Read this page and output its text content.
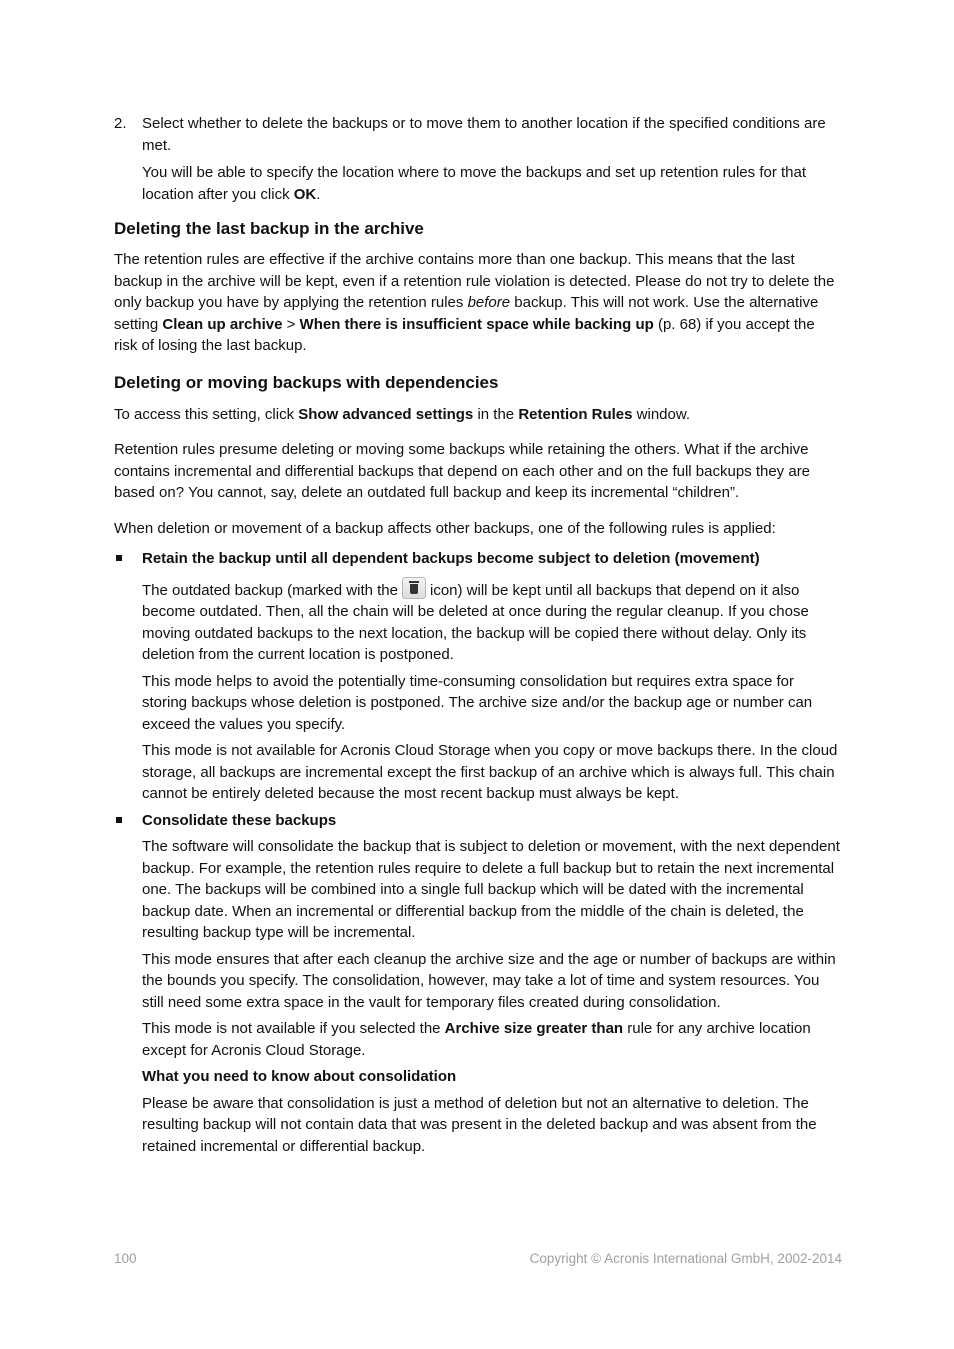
2. Select whether to delete the backups or to move them to another location if the specified conditions are met.

You will be able to specify the location where to move the backups and set up retention rules for that location after you click OK.

Deleting the last backup in the archive

The retention rules are effective if the archive contains more than one backup. This means that the last backup in the archive will be kept, even if a retention rule violation is detected. Please do not try to delete the only backup you have by applying the retention rules before backup. This will not work. Use the alternative setting Clean up archive > When there is insufficient space while backing up (p. 68) if you accept the risk of losing the last backup.

Deleting or moving backups with dependencies

To access this setting, click Show advanced settings in the Retention Rules window.

Retention rules presume deleting or moving some backups while retaining the others. What if the archive contains incremental and differential backups that depend on each other and on the full backups they are based on? You cannot, say, delete an outdated full backup and keep its incremental “children”.

When deletion or movement of a backup affects other backups, one of the following rules is applied:

Retain the backup until all dependent backups become subject to deletion (movement)

The outdated backup (marked with the icon) will be kept until all backups that depend on it also become outdated. Then, all the chain will be deleted at once during the regular cleanup. If you chose moving outdated backups to the next location, the backup will be copied there without delay. Only its deletion from the current location is postponed.

This mode helps to avoid the potentially time-consuming consolidation but requires extra space for storing backups whose deletion is postponed. The archive size and/or the backup age or number can exceed the values you specify.

This mode is not available for Acronis Cloud Storage when you copy or move backups there. In the cloud storage, all backups are incremental except the first backup of an archive which is always full. This chain cannot be entirely deleted because the most recent backup must always be kept.

Consolidate these backups

The software will consolidate the backup that is subject to deletion or movement, with the next dependent backup. For example, the retention rules require to delete a full backup but to retain the next incremental one. The backups will be combined into a single full backup which will be dated with the incremental backup date. When an incremental or differential backup from the middle of the chain is deleted, the resulting backup type will be incremental.

This mode ensures that after each cleanup the archive size and the age or number of backups are within the bounds you specify. The consolidation, however, may take a lot of time and system resources. You still need some extra space in the vault for temporary files created during consolidation.

This mode is not available if you selected the Archive size greater than rule for any archive location except for Acronis Cloud Storage.

What you need to know about consolidation

Please be aware that consolidation is just a method of deletion but not an alternative to deletion. The resulting backup will not contain data that was present in the deleted backup and was absent from the retained incremental or differential backup.

100	Copyright © Acronis International GmbH, 2002-2014
